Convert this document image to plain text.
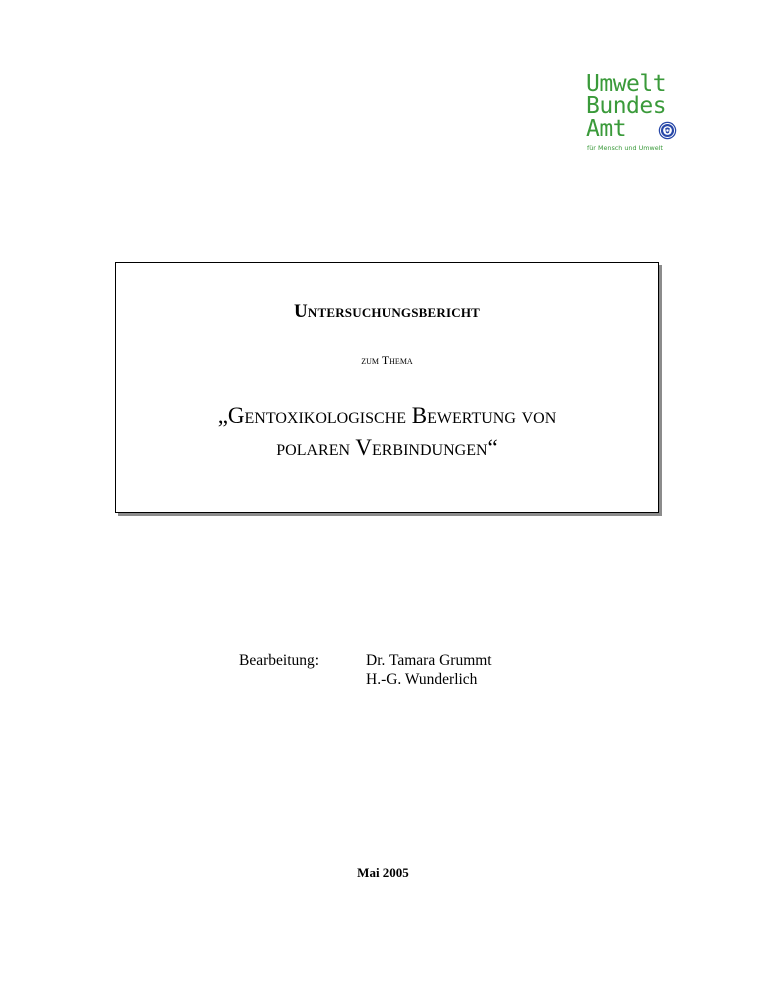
Umwelt
Bundes
Amt
für Mensch und Umwelt
Untersuchungsbericht
zum Thema
„Gentoxikologische Bewertung von
polaren Verbindungen“
Bearbeitung:	Dr. Tamara Grummt
H.-G. Wunderlich
Mai 2005
